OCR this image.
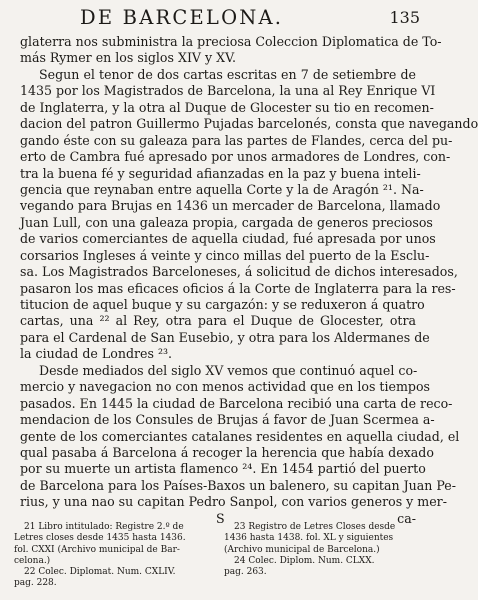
DE BARCELONA.	135
glaterra nos subministra la preciosa Coleccion Diplomatica de To-
más Rymer en los siglos XIV y XV.
Segun el tenor de dos cartas escritas en 7 de setiembre de
1435 por los Magistrados de Barcelona, la una al Rey Enrique VI
de Inglaterra, y la otra al Duque de Glocester su tio en recomen-
dacion del patron Guillermo Pujadas barcelonés, consta que navegando
gando éste con su galeaza para las partes de Flandes, cerca del pu-
erto de Cambra fué apresado por unos armadores de Londres, con-
tra la buena fé y seguridad afianzadas en la paz y buena inteli-
gencia que reynaban entre aquella Corte y la de Aragón ²¹. Na-
vegando para Brujas en 1436 un mercader de Barcelona, llamado
Juan Lull, con una galeaza propia, cargada de generos preciosos
de varios comerciantes de aquella ciudad, fué apresada por unos
corsarios Ingleses á veinte y cinco millas del puerto de la Esclu-
sa. Los Magistrados Barceloneses, á solicitud de dichos interesados,
pasaron los mas eficaces oficios á la Corte de Inglaterra para la res-
titucion de aquel buque y su cargazón: y se reduxeron á quatro
cartas, una ²² al Rey, otra para el Duque de Glocester, otra
para el Cardenal de San Eusebio, y otra para los Aldermanes de
la ciudad de Londres ²³.
Desde mediados del siglo XV vemos que continuó aquel co-
mercio y navegacion no con menos actividad que en los tiempos
pasados. En 1445 la ciudad de Barcelona recibió una carta de reco-
mendacion de los Consules de Brujas á favor de Juan Scermea a-
gente de los comerciantes catalanes residentes en aquella ciudad, el
qual pasaba á Barcelona á recoger la herencia que había dexado
por su muerte un artista flamenco ²⁴. En 1454 partió del puerto
de Barcelona para los Países-Baxos un balenero, su capitan Juan Pe-
rius, y una nao su capitan Pedro Sanpol, con varios generos y mer-
S	ca-
21 Libro intitulado: Registre 2.º de
Letres closes desde 1435 hasta 1436.
fol. CXXI (Archivo municipal de Bar-
celona.)
22 Colec. Diplomat. Num. CXLIV.
pag. 228.
23 Registro de Letres Closes desde
1436 hasta 1438. fol. XL y siguientes
(Archivo municipal de Barcelona.)
24 Colec. Diplom. Num. CLXX.
pag. 263.
